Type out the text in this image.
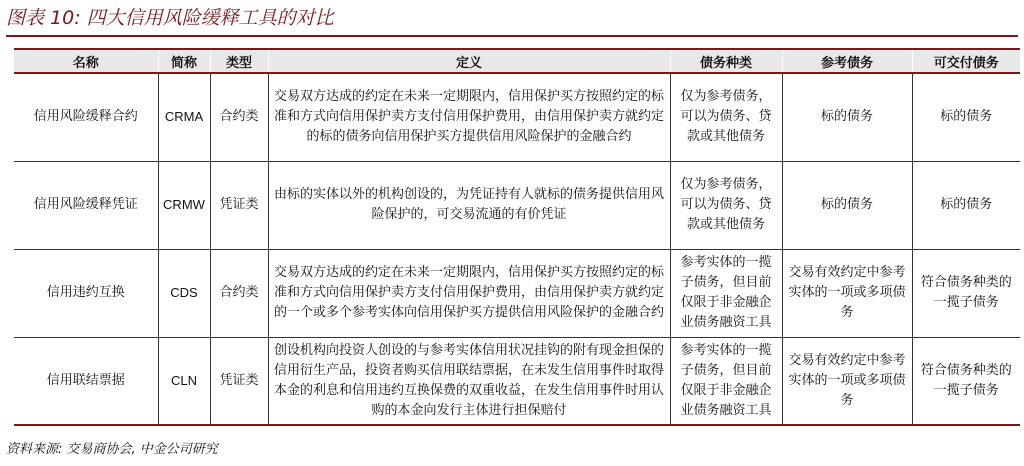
图表 10: 四大信用风险缓释工具的对比
名称	简称	类型	定义	债务种类	参考债务	可交付债务
信用风险缓释合约	CRMA	合约类	交易双方达成的约定在未来一定期限内，信用保护买方按照约定的标准和方式向信用保护卖方支付信用保护费用，由信用保护卖方就约定的标的债务向信用保护买方提供信用风险保护的金融合约	仅为参考债务，可以为债务、贷款或其他债务	标的债务	标的债务
信用风险缓释凭证	CRMW	凭证类	由标的实体以外的机构创设的，为凭证持有人就标的债务提供信用风险保护的，可交易流通的有价凭证	仅为参考债务，可以为债务、贷款或其他债务	标的债务	标的债务
信用违约互换	CDS	合约类	交易双方达成的约定在未来一定期限内，信用保护买方按照约定的标准和方式向信用保护卖方支付信用保护费用，由信用保护卖方就约定的一个或多个参考实体向信用保护买方提供信用风险保护的金融合约	参考实体的一揽子债务，但目前仅限于非金融企业债务融资工具	交易有效约定中参考实体的一项或多项债务	符合债务种类的一揽子债务
信用联结票据	CLN	凭证类	创设机构向投资人创设的与参考实体信用状况挂钩的附有现金担保的信用衍生产品，投资者购买信用联结票据，在未发生信用事件时取得本金的利息和信用违约互换保费的双重收益，在发生信用事件时用认购的本金向发行主体进行担保赔付	参考实体的一揽子债务，但目前仅限于非金融企业债务融资工具	交易有效约定中参考实体的一项或多项债务	符合债务种类的一揽子债务
资料来源: 交易商协会, 中金公司研究
